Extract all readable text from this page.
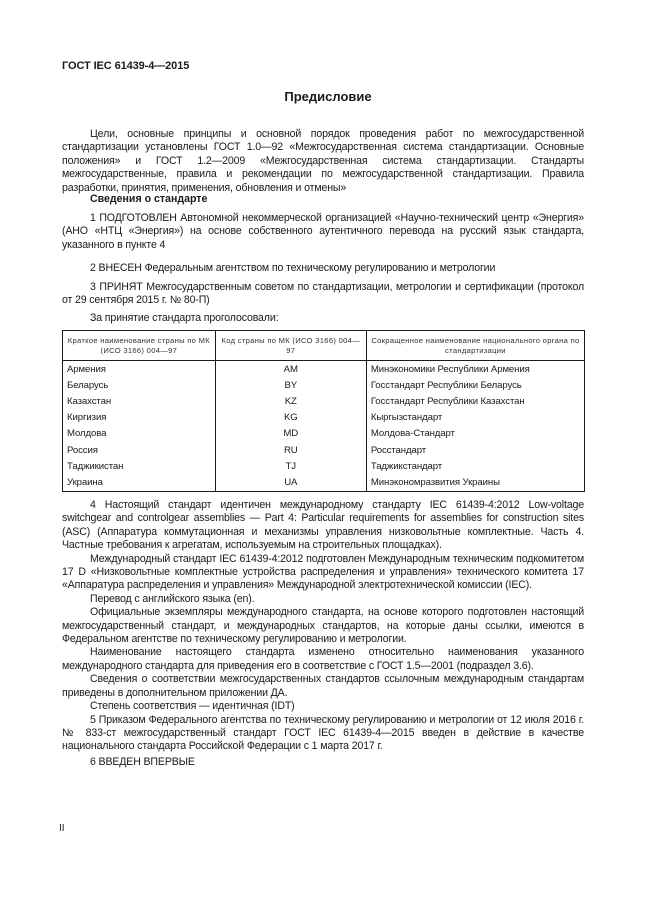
ГОСТ IEC 61439-4—2015
Предисловие

Цели, основные принципы и основной порядок проведения работ по межгосударственной стандартизации установлены ГОСТ 1.0—92 «Межгосударственная система стандартизации. Основные положения» и ГОСТ 1.2—2009 «Межгосударственная система стандартизации. Стандарты межгосударственные, правила и рекомендации по межгосударственной стандартизации. Правила разработки, принятия, применения, обновления и отмены»

Сведения о стандарте

1 ПОДГОТОВЛЕН Автономной некоммерческой организацией «Научно-технический центр «Энергия» (АНО «НТЦ «Энергия») на основе собственного аутентичного перевода на русский язык стандарта, указанного в пункте 4

2 ВНЕСЕН Федеральным агентством по техническому регулированию и метрологии

3 ПРИНЯТ Межгосударственным советом по стандартизации, метрологии и сертификации (протокол от 29 сентября 2015 г. № 80-П)

За принятие стандарта проголосовали:

Краткое наименование страны по МК (ИСО 3166) 004—97	Код страны по МК (ИСО 3166) 004—97	Сокращенное наименование национального органа по стандартизации
Армения	AM	Минэкономики Республики Армения
Беларусь	BY	Госстандарт Республики Беларусь
Казахстан	KZ	Госстандарт Республики Казахстан
Киргизия	KG	Кыргызстандарт
Молдова	MD	Молдова-Стандарт
Россия	RU	Росстандарт
Таджикистан	TJ	Таджикстандарт
Украина	UA	Минэкономразвития Украины

4 Настоящий стандарт идентичен международному стандарту IEC 61439-4:2012 Low-voltage switchgear and controlgear assemblies — Part 4: Particular requirements for assemblies for construction sites (ASC) (Аппаратура коммутационная и механизмы управления низковольтные комплектные. Часть 4. Частные требования к агрегатам, используемым на строительных площадках).

Международный стандарт IEC 61439-4:2012 подготовлен Международным техническим подкомитетом 17 D «Низковольтные комплектные устройства распределения и управления» технического комитета 17 «Аппаратура распределения и управления» Международной электротехнической комиссии (IEC).

Перевод с английского языка (en).

Официальные экземпляры международного стандарта, на основе которого подготовлен настоящий межгосударственный стандарт, и международных стандартов, на которые даны ссылки, имеются в Федеральном агентстве по техническому регулированию и метрологии.

Наименование настоящего стандарта изменено относительно наименования указанного международного стандарта для приведения его в соответствие с ГОСТ 1.5—2001 (подраздел 3.6).

Сведения о соответствии межгосударственных стандартов ссылочным международным стандартам приведены в дополнительном приложении ДА.

Степень соответствия — идентичная (IDT)

5 Приказом Федерального агентства по техническому регулированию и метрологии от 12 июля 2016 г. № 833-ст межгосударственный стандарт ГОСТ IEC 61439-4—2015 введен в действие в качестве национального стандарта Российской Федерации с 1 марта 2017 г.

6 ВВЕДЕН ВПЕРВЫЕ

II
